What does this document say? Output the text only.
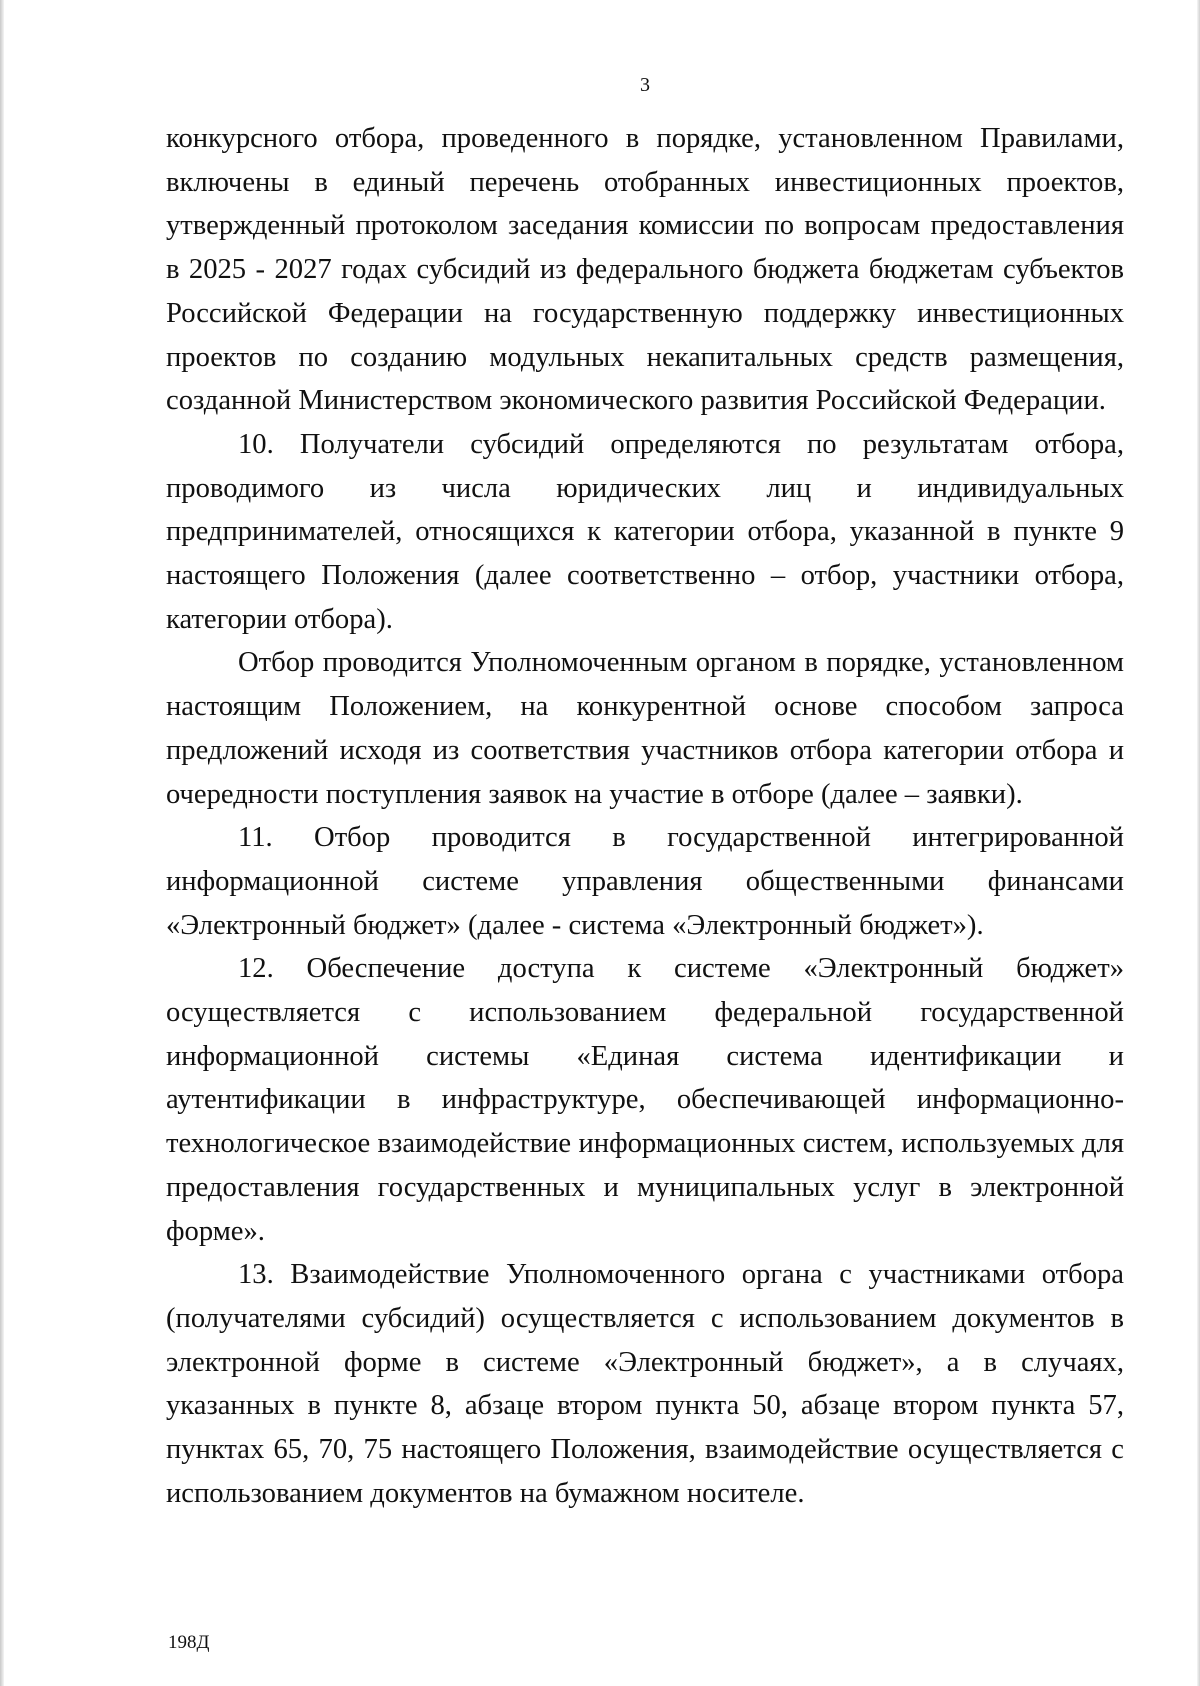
3

конкурсного отбора, проведенного в порядке, установленном Правилами, включены в единый перечень отобранных инвестиционных проектов, утвержденный протоколом заседания комиссии по вопросам предоставления в 2025 - 2027 годах субсидий из федерального бюджета бюджетам субъектов Российской Федерации на государственную поддержку инвестиционных проектов по созданию модульных некапитальных средств размещения, созданной Министерством экономического развития Российской Федерации.

10. Получатели субсидий определяются по результатам отбора, проводимого из числа юридических лиц и индивидуальных предпринимателей, относящихся к категории отбора, указанной в пункте 9 настоящего Положения (далее соответственно – отбор, участники отбора, категории отбора).

Отбор проводится Уполномоченным органом в порядке, установленном настоящим Положением, на конкурентной основе способом запроса предложений исходя из соответствия участников отбора категории отбора и очередности поступления заявок на участие в отборе (далее – заявки).

11. Отбор проводится в государственной интегрированной информационной системе управления общественными финансами «Электронный бюджет» (далее - система «Электронный бюджет»).

12. Обеспечение доступа к системе «Электронный бюджет» осуществляется с использованием федеральной государственной информационной системы «Единая система идентификации и аутентификации в инфраструктуре, обеспечивающей информационно-технологическое взаимодействие информационных систем, используемых для предоставления государственных и муниципальных услуг в электронной форме».

13. Взаимодействие Уполномоченного органа с участниками отбора (получателями субсидий) осуществляется с использованием документов в электронной форме в системе «Электронный бюджет», а в случаях, указанных в пункте 8, абзаце втором пункта 50, абзаце втором пункта 57, пунктах 65, 70, 75 настоящего Положения, взаимодействие осуществляется с использованием документов на бумажном носителе.

198Д
